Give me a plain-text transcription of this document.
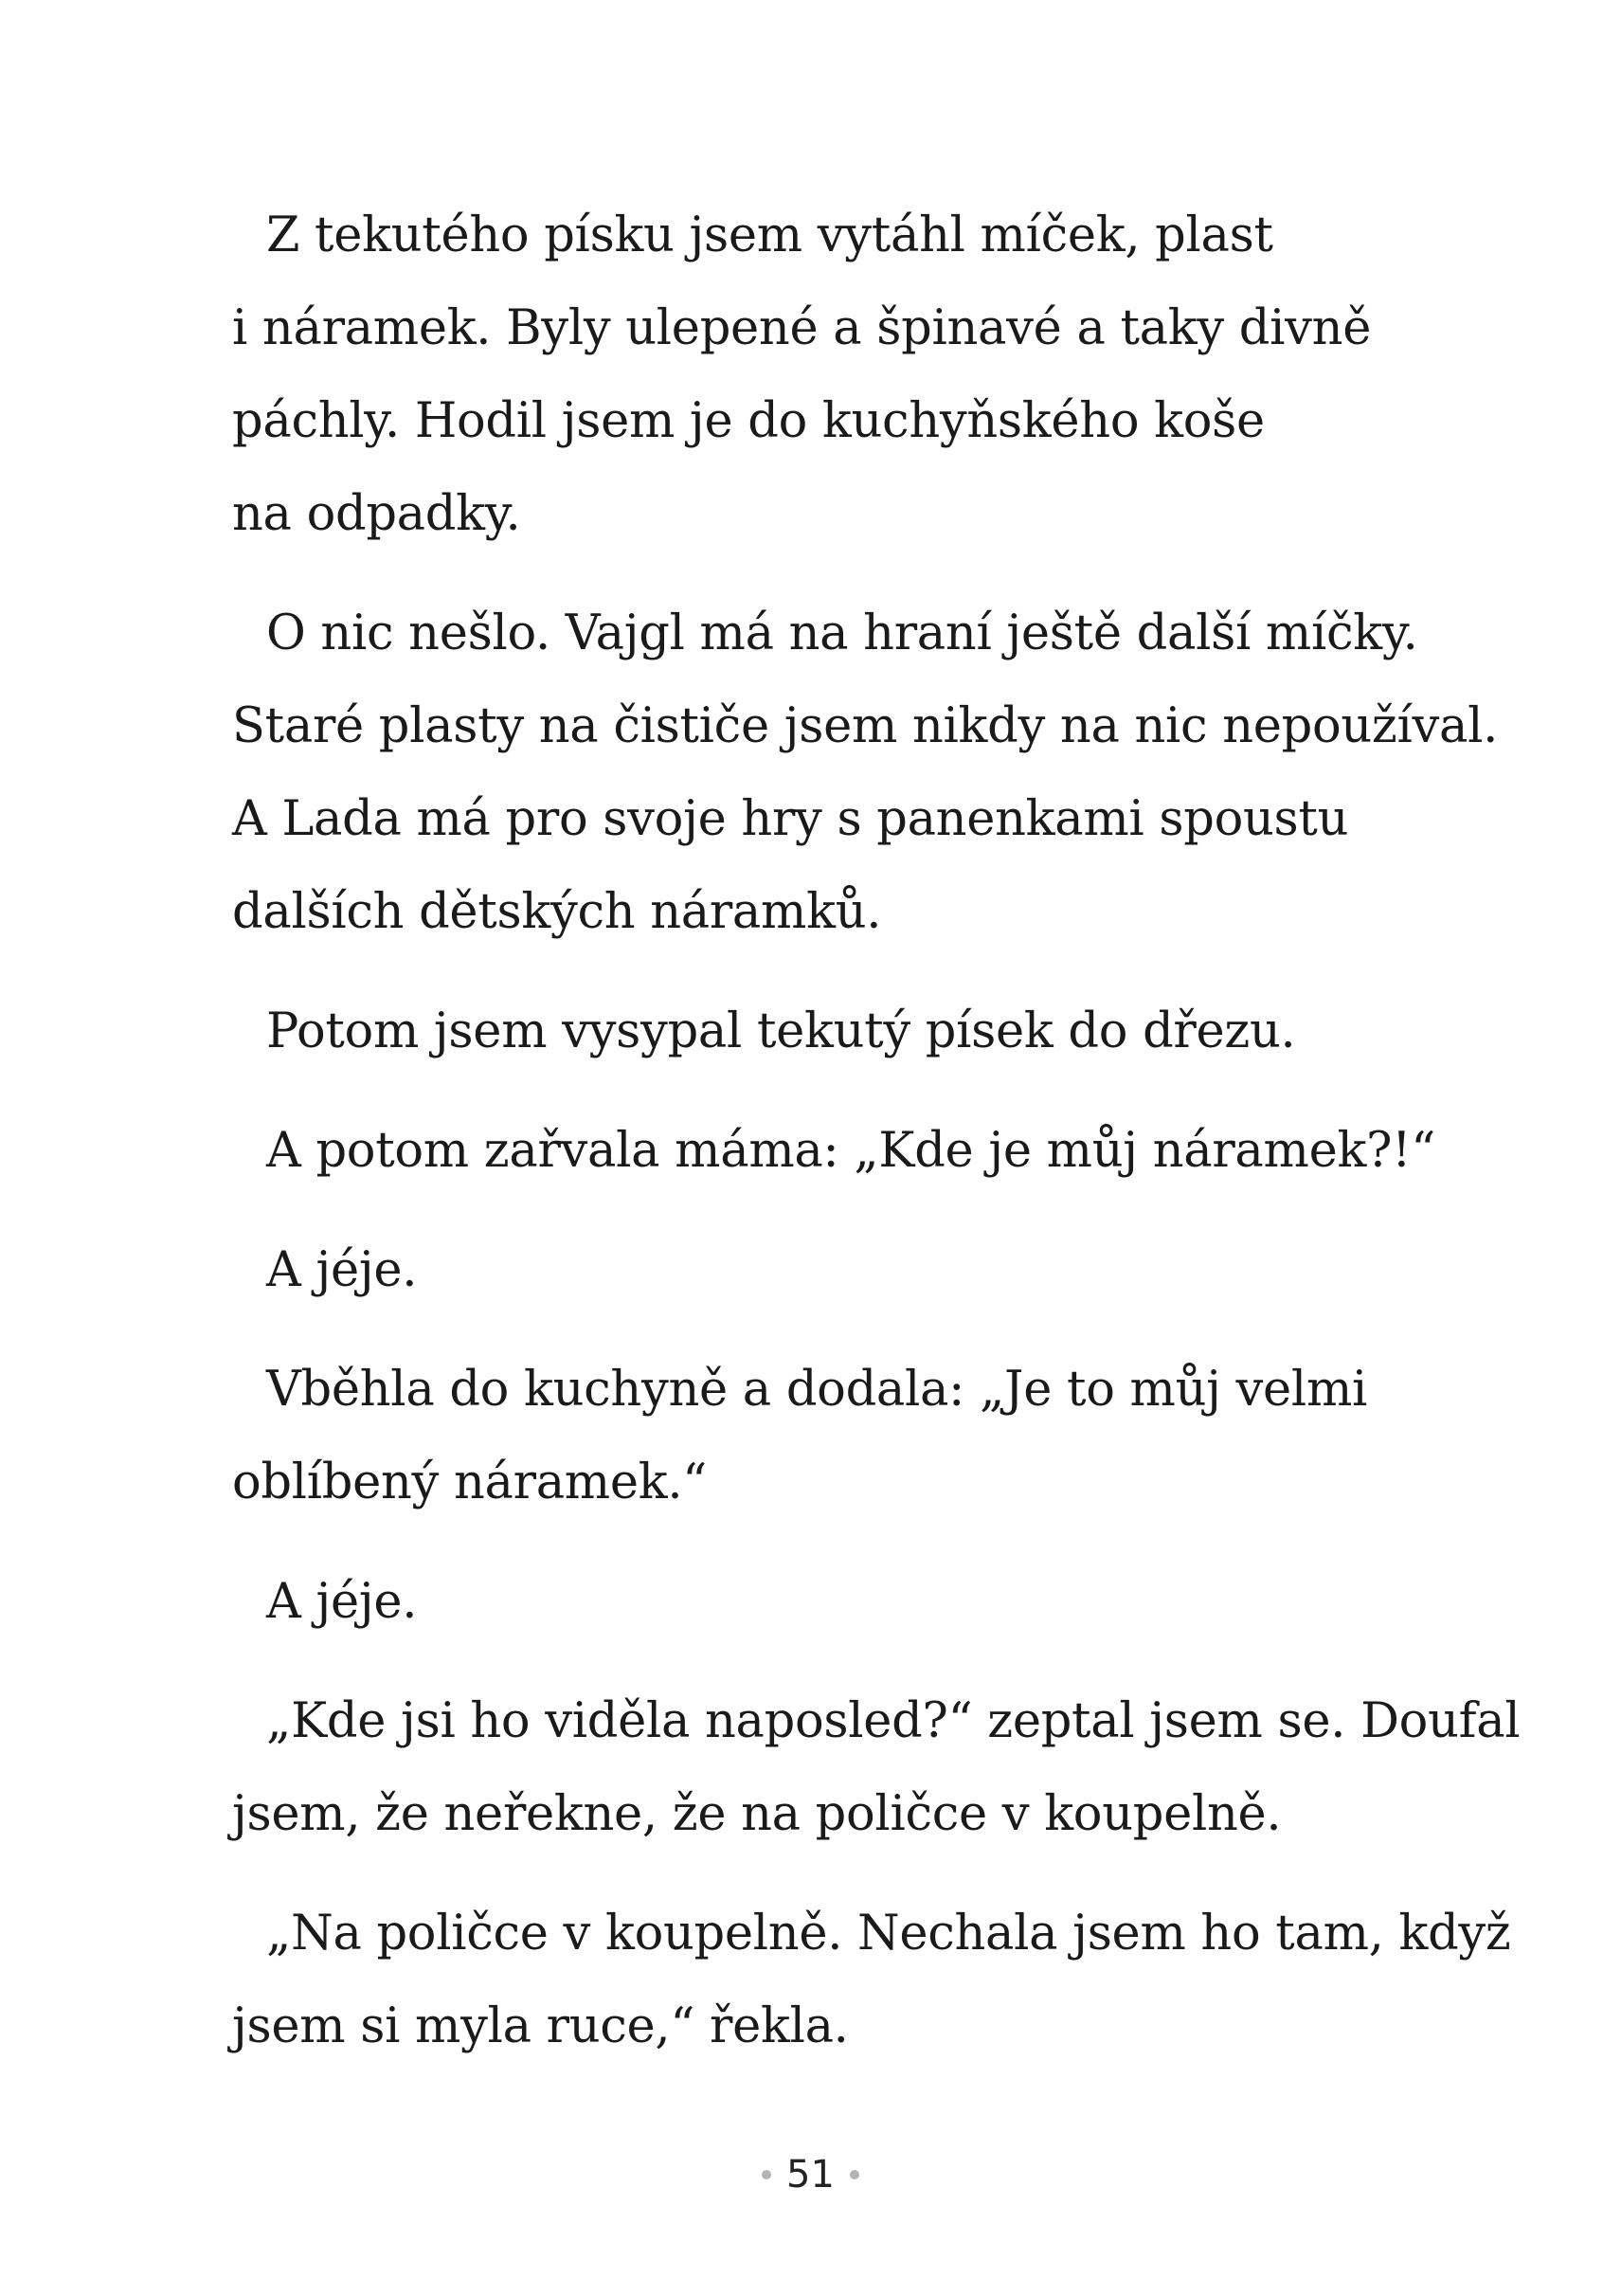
Z tekutého písku jsem vytáhl míček, plast
i náramek. Byly ulepené a špinavé a taky divně
páchly. Hodil jsem je do kuchyňského koše
na odpadky.

O nic nešlo. Vajgl má na hraní ještě další míčky.
Staré plasty na čističe jsem nikdy na nic nepoužíval.
A Lada má pro svoje hry s panenkami spoustu
dalších dětských náramků.

Potom jsem vysypal tekutý písek do dřezu.

A potom zařvala máma: „Kde je můj náramek?!“

A jéje.

Vběhla do kuchyně a dodala: „Je to můj velmi
oblíbený náramek.“

A jéje.

„Kde jsi ho viděla naposled?“ zeptal jsem se. Doufal
jsem, že neřekne, že na poličce v koupelně.

„Na poličce v koupelně. Nechala jsem ho tam, když
jsem si myla ruce,“ řekla.

51
